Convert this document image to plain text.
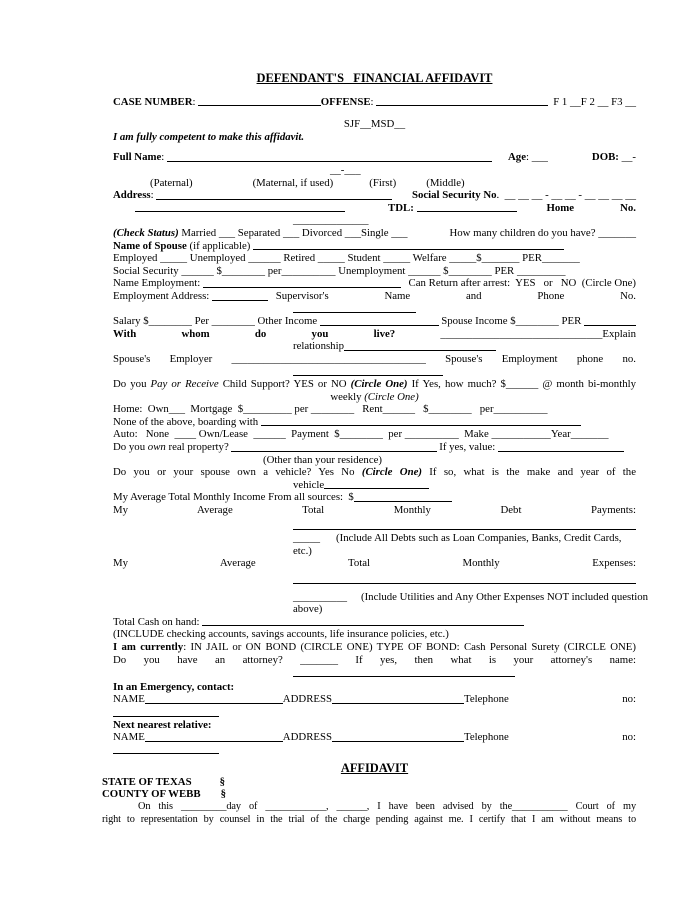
DEFENDANT'S   FINANCIAL AFFIDAVIT
CASE NUMBER :	OFFENSE :	F 1 __F 2 __ F3 __
SJF__MSD__
I am fully competent to make this affidavit.
Full Name :	Age : ___	DOB: __-
__-___
(Paternal)	(Maternal, if used)	(First)	(Middle)
Address :	Social Security No .  __ __ __ - __ __ - __ __ __ __
TDL:
	Home	No.
______________
(Check Status) Married ___ Separated ___ Divorced ___Single ___	How many children do you have? _______
Name of Spouse (if applicable)
Employed _____ Unemployed ______ Retired _____ Student _____ Welfare _____$_______ PER_______
Social Security ______ $________ per__________ Unemployment ______ $________ PER _________
Name Employment:	Can Return after arrest:  YES   or   NO  (Circle One)
Employment Address:	Supervisor's	Name	and	Phone	No.
Salary $________ Per ________ Other Income	Spouse Income $________ PER
With whom do you live? ______________________________Explain
relationship
Spouse's Employer ____________________________________ Spouse's Employment phone no.
Do you Pay or Receive Child Support? YES or NO (Circle One) If Yes, how much? $______ @ month bi-monthly
weekly (Circle One)
Home:  Own___  Mortgage  $_________ per ________   Rent______   $________   per__________
None of the above, boarding with
Auto:   None  ____ Own/Lease  ______  Payment  $________  per __________  Make ___________Year_______
Do you own real property?	If yes, value:
(Other than your residence)
Do you or your spouse own a vehicle? Yes No (Circle One) If so, what is the make and year of the
vehicle
My Average Total Monthly Income From all sources:  $
My Average Total Monthly Debt Payments:
_____ (Include All Debts such as Loan Companies, Banks, Credit Cards,
etc.)
My Average Total Monthly Expenses:
__________ (Include Utilities and Any Other Expenses NOT included question
above)
Total Cash on hand:
(INCLUDE checking accounts, savings accounts, life insurance policies, etc.)
I am currently: IN JAIL or ON BOND (CIRCLE ONE) TYPE OF BOND: Cash Personal Surety (CIRCLE ONE)
Do you have an attorney? _______ If yes, then what is your attorney's name:
In an Emergency, contact:
NAME	ADDRESS	Telephone	no:
Next nearest relative:
NAME	ADDRESS	Telephone	no:
AFFIDAVIT
STATE OF TEXAS	§
COUNTY OF WEBB §
On this _________day of ____________, ______, I have been advised by the___________ Court of my
right to representation by counsel in the trial of the charge pending against me. I certify that I am without means to
